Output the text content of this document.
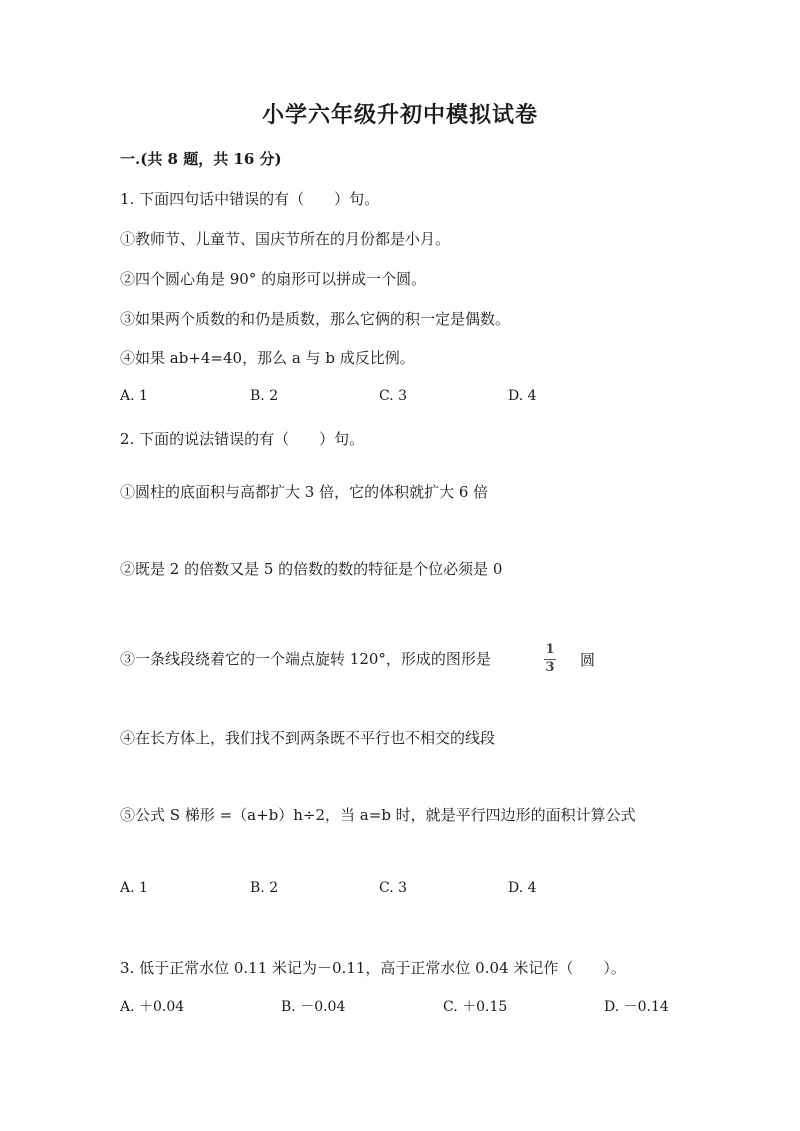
小学六年级升初中模拟试卷
一.(共 8 题，共 16 分)
1. 下面四句话中错误的有（　　）句。
①教师节、儿童节、国庆节所在的月份都是小月。
②四个圆心角是 90° 的扇形可以拼成一个圆。
③如果两个质数的和仍是质数，那么它俩的积一定是偶数。
④如果 ab+4=40，那么 a 与 b 成反比例。
A. 1	B. 2	C. 3	D. 4
2. 下面的说法错误的有（　　）句。
①圆柱的底面积与高都扩大 3 倍，它的体积就扩大 6 倍
②既是 2 的倍数又是 5 的倍数的数的特征是个位必须是 0
③一条线段绕着它的一个端点旋转 120°，形成的图形是
1
3 圆
④在长方体上，我们找不到两条既不平行也不相交的线段
⑤公式 S 梯形 =（a+b）h÷2，当 a=b 时，就是平行四边形的面积计算公式
A. 1	B. 2	C. 3	D. 4
3. 低于正常水位 0.11 米记为－0.11，高于正常水位 0.04 米记作（　　）。
A. ＋0.04	B. －0.04	C. ＋0.15	D. －0.14
